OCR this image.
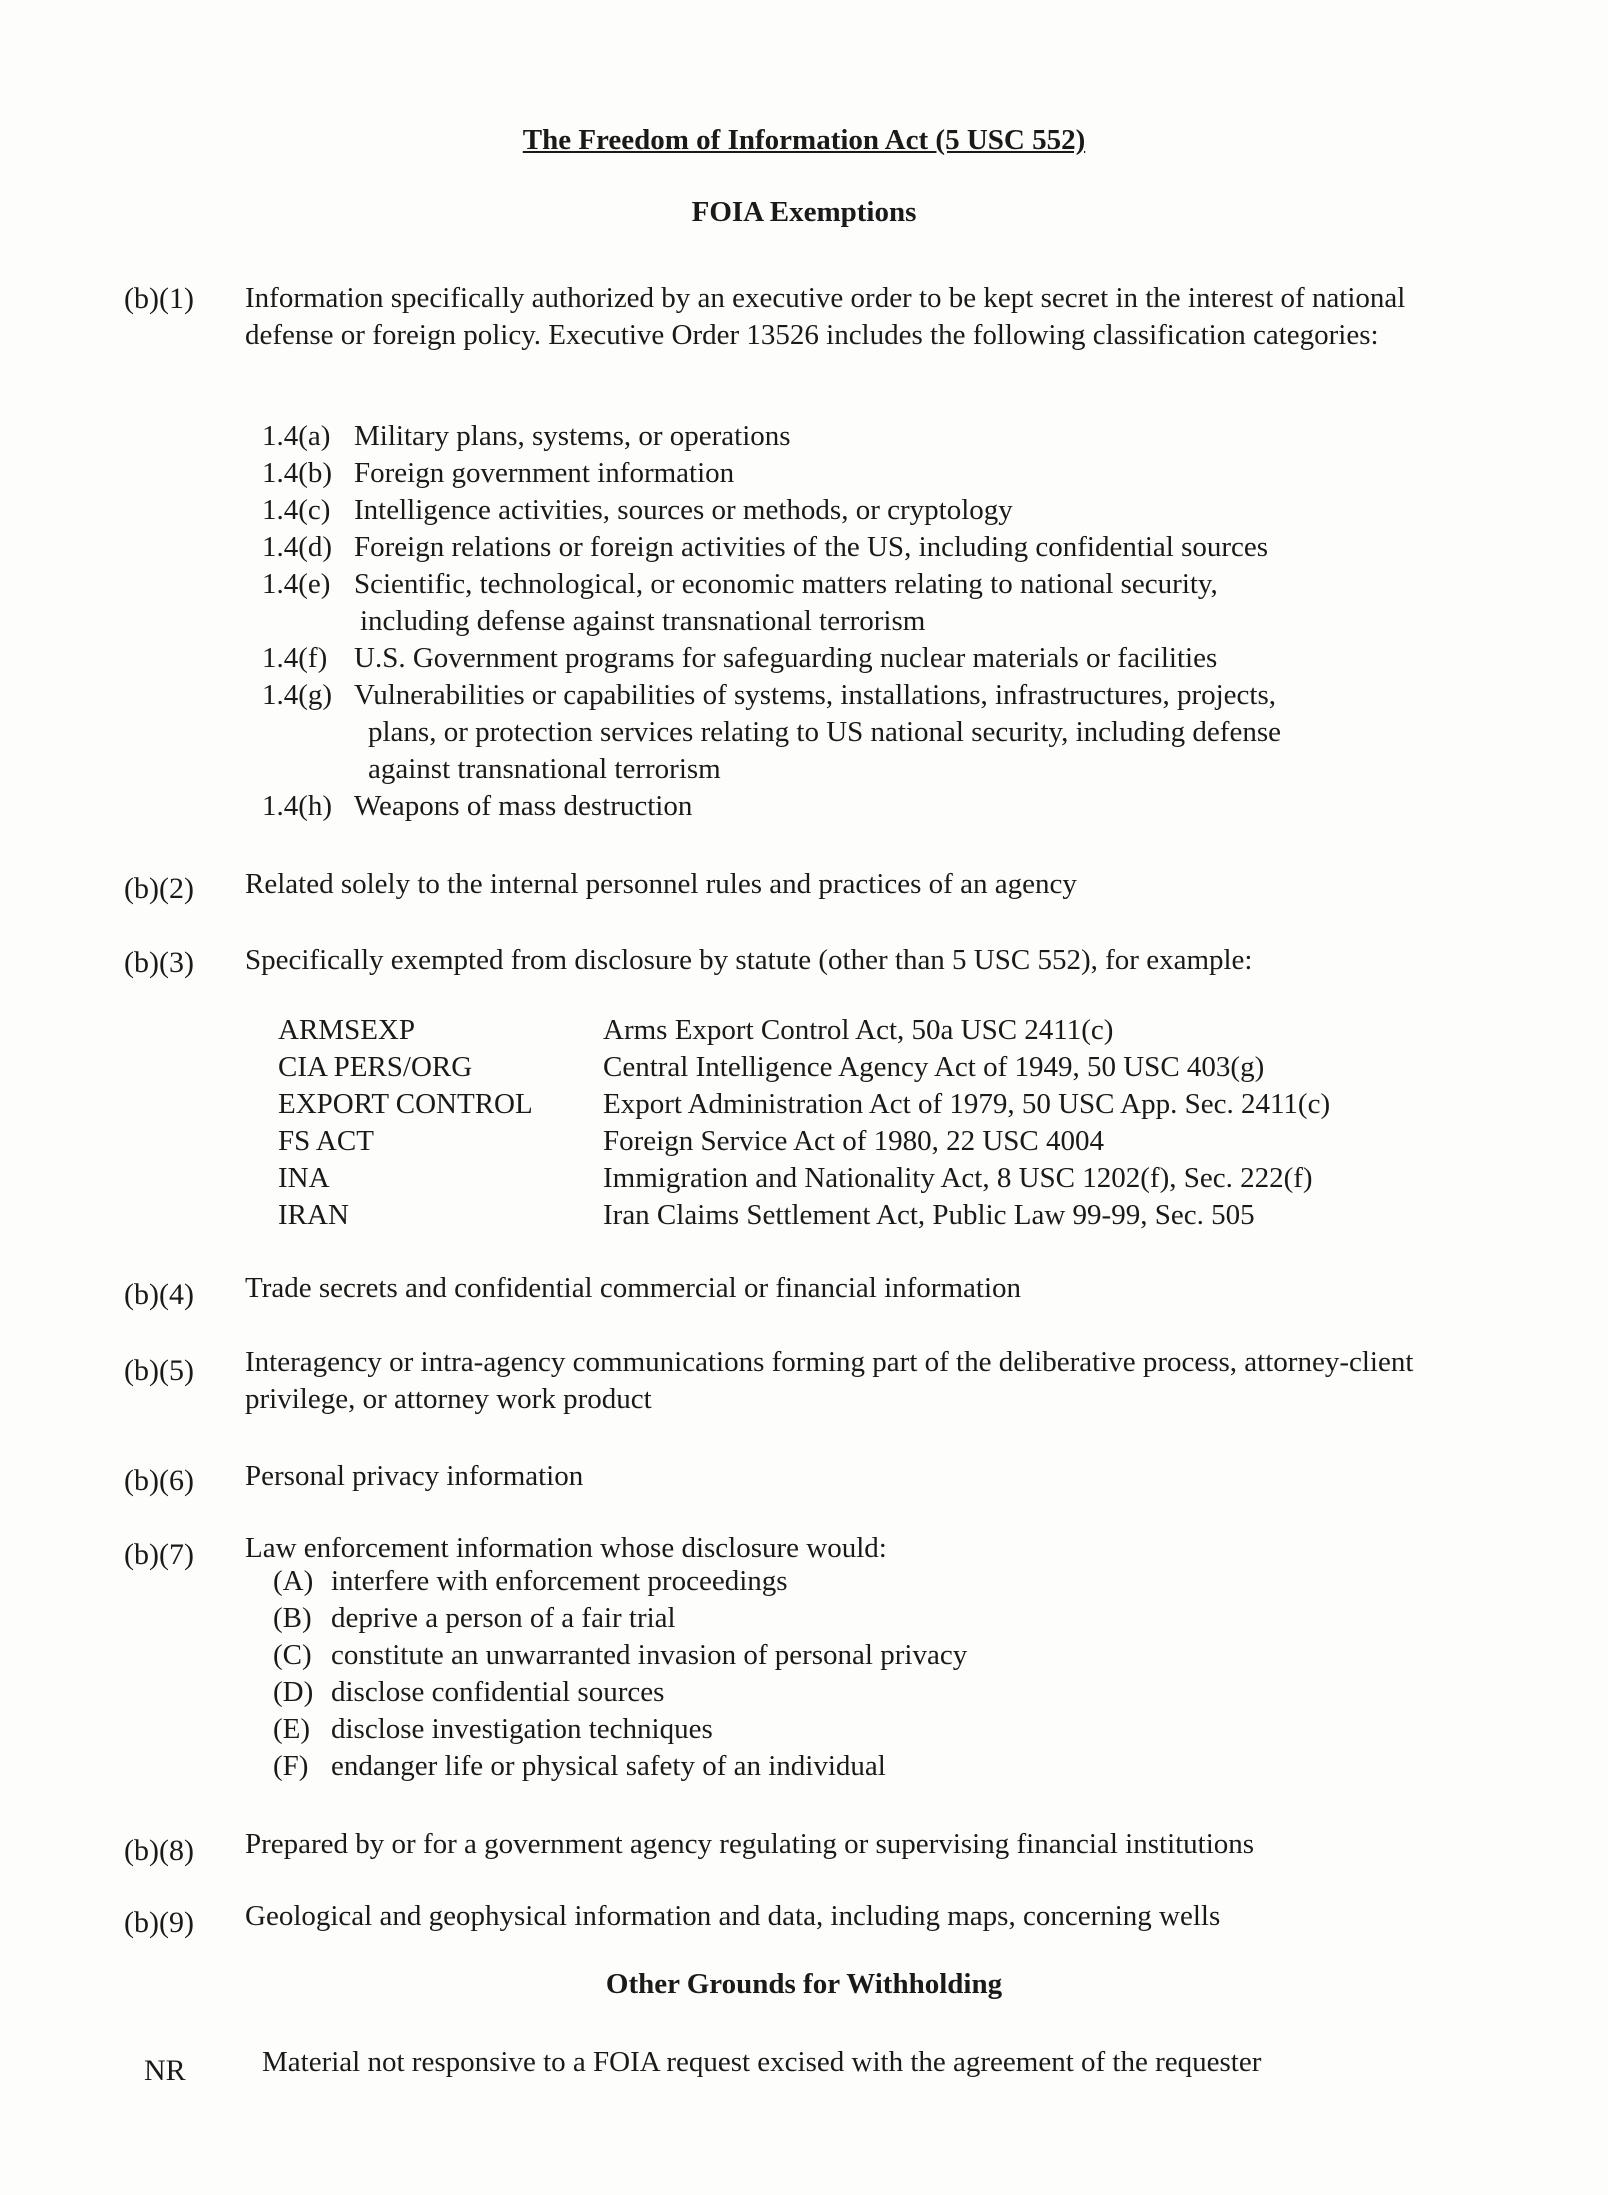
The Freedom of Information Act (5 USC 552)
FOIA Exemptions
(b)(1)	Information specifically authorized by an executive order to be kept secret in the interest of national defense or foreign policy. Executive Order 13526 includes the following classification categories:
1.4(a) Military plans, systems, or operations
1.4(b) Foreign government information
1.4(c) Intelligence activities, sources or methods, or cryptology
1.4(d) Foreign relations or foreign activities of the US, including confidential sources
1.4(e) Scientific, technological, or economic matters relating to national security,
including defense against transnational terrorism
1.4(f) U.S. Government programs for safeguarding nuclear materials or facilities
1.4(g) Vulnerabilities or capabilities of systems, installations, infrastructures, projects,
plans, or protection services relating to US national security, including defense
against transnational terrorism
1.4(h) Weapons of mass destruction
(b)(2)	Related solely to the internal personnel rules and practices of an agency
(b)(3)	Specifically exempted from disclosure by statute (other than 5 USC 552), for example:
ARMSEXP	Arms Export Control Act, 50a USC 2411(c)
CIA PERS/ORG	Central Intelligence Agency Act of 1949, 50 USC 403(g)
EXPORT CONTROL	Export Administration Act of 1979, 50 USC App. Sec. 2411(c)
FS ACT	Foreign Service Act of 1980, 22 USC 4004
INA	Immigration and Nationality Act, 8 USC 1202(f), Sec. 222(f)
IRAN	Iran Claims Settlement Act, Public Law 99-99, Sec. 505
(b)(4)	Trade secrets and confidential commercial or financial information
(b)(5)	Interagency or intra-agency communications forming part of the deliberative process, attorney-client privilege, or attorney work product
(b)(6)	Personal privacy information
(b)(7)	Law enforcement information whose disclosure would:
(A) interfere with enforcement proceedings
(B) deprive a person of a fair trial
(C) constitute an unwarranted invasion of personal privacy
(D) disclose confidential sources
(E) disclose investigation techniques
(F) endanger life or physical safety of an individual
(b)(8)	Prepared by or for a government agency regulating or supervising financial institutions
(b)(9)	Geological and geophysical information and data, including maps, concerning wells
Other Grounds for Withholding
NR	Material not responsive to a FOIA request excised with the agreement of the requester
